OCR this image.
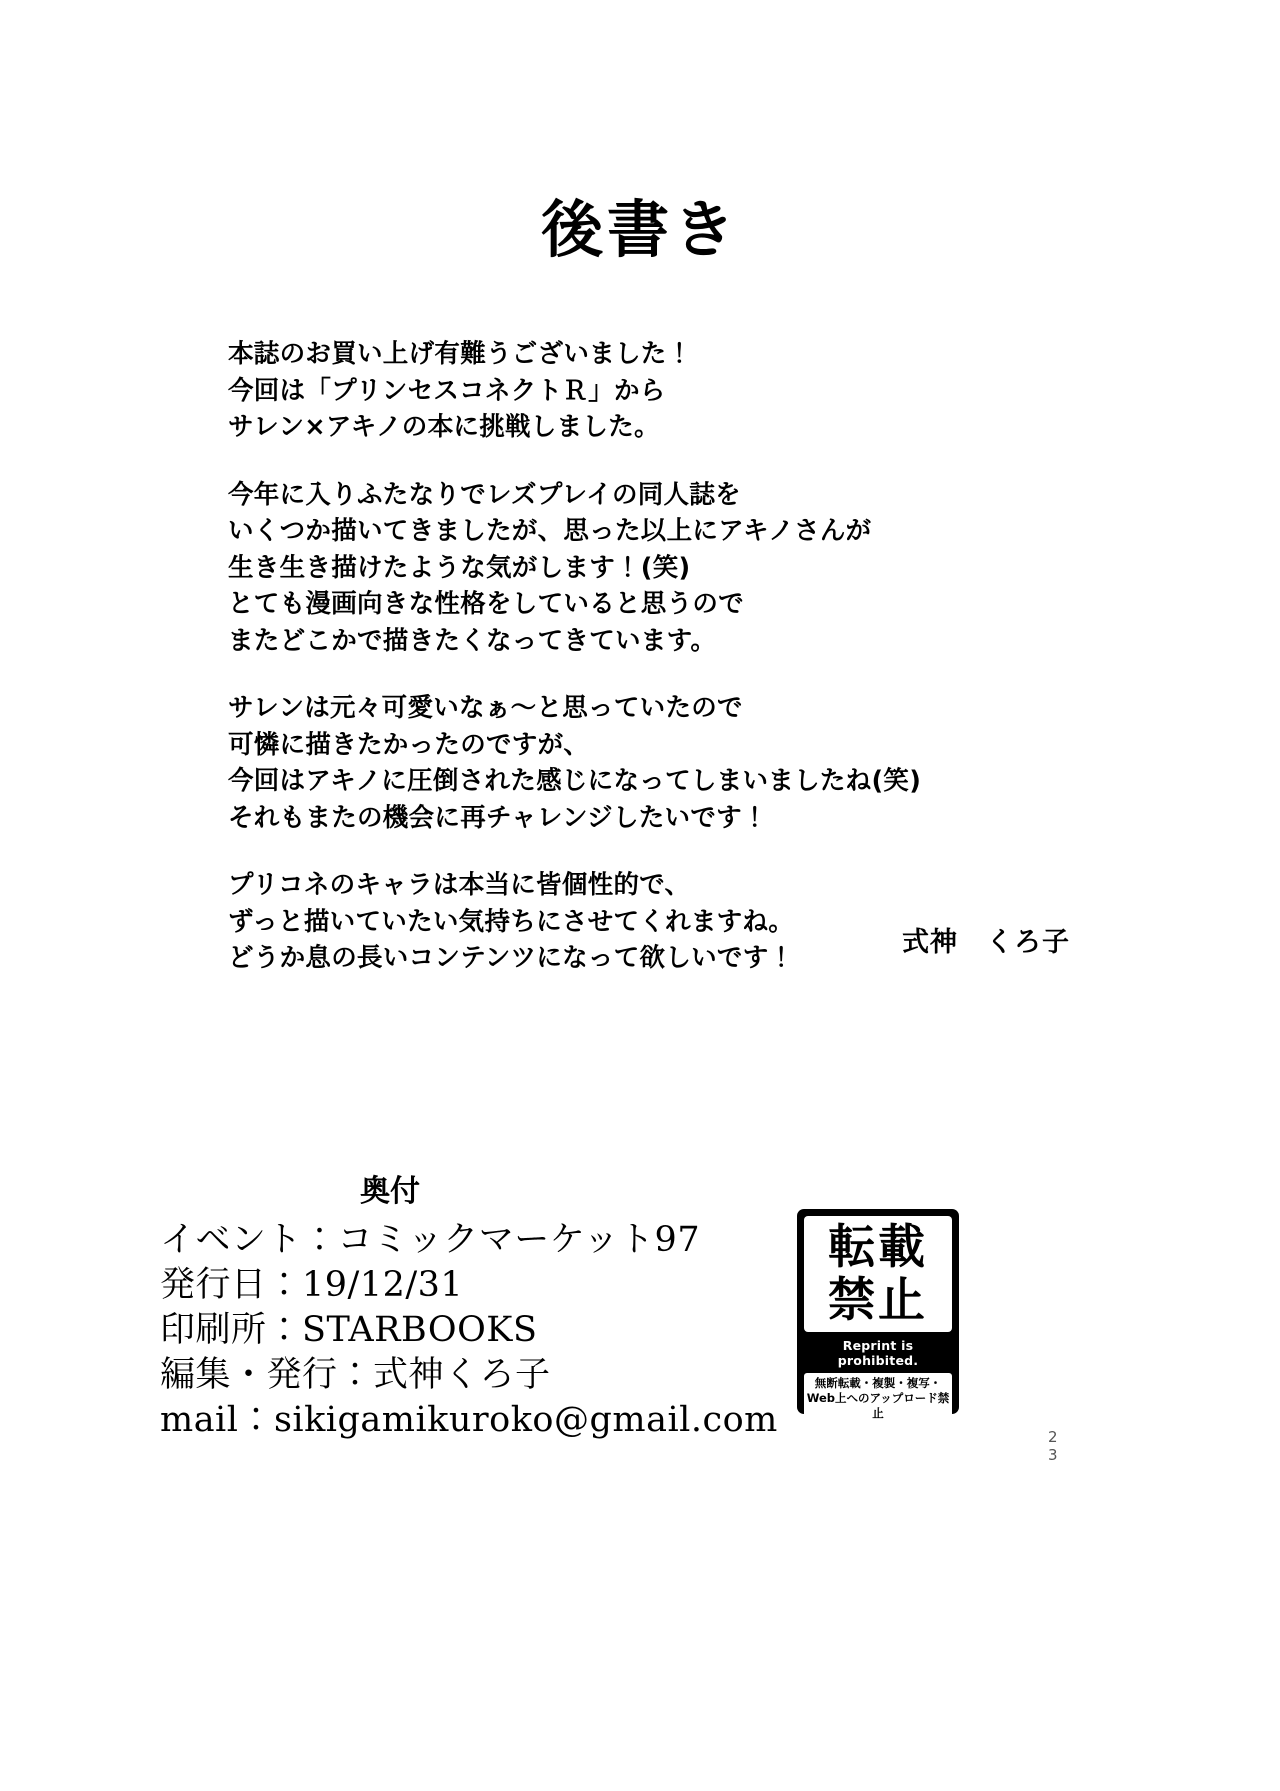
後書き
本誌のお買い上げ有難うございました！
今回は「プリンセスコネクトＲ」から
サレン×アキノの本に挑戦しました。
今年に入りふたなりでレズプレイの同人誌を
いくつか描いてきましたが、思った以上にアキノさんが
生き生き描けたような気がします！(笑)
とても漫画向きな性格をしていると思うので
またどこかで描きたくなってきています。
サレンは元々可愛いなぁ～と思っていたので
可憐に描きたかったのですが、
今回はアキノに圧倒された感じになってしまいましたね(笑)
それもまたの機会に再チャレンジしたいです！
プリコネのキャラは本当に皆個性的で、
ずっと描いていたい気持ちにさせてくれますね。
どうか息の長いコンテンツになって欲しいです！	式神　くろ子
奥付
イベント：コミックマーケット97
発行日：19/12/31
印刷所：STARBOOKS
編集・発行：式神くろ子
mail：sikigamikuroko@gmail.com
転載
禁止
Reprint is prohibited.
無断転載・複製・複写・
Web上へのアップロード禁止
2
3
